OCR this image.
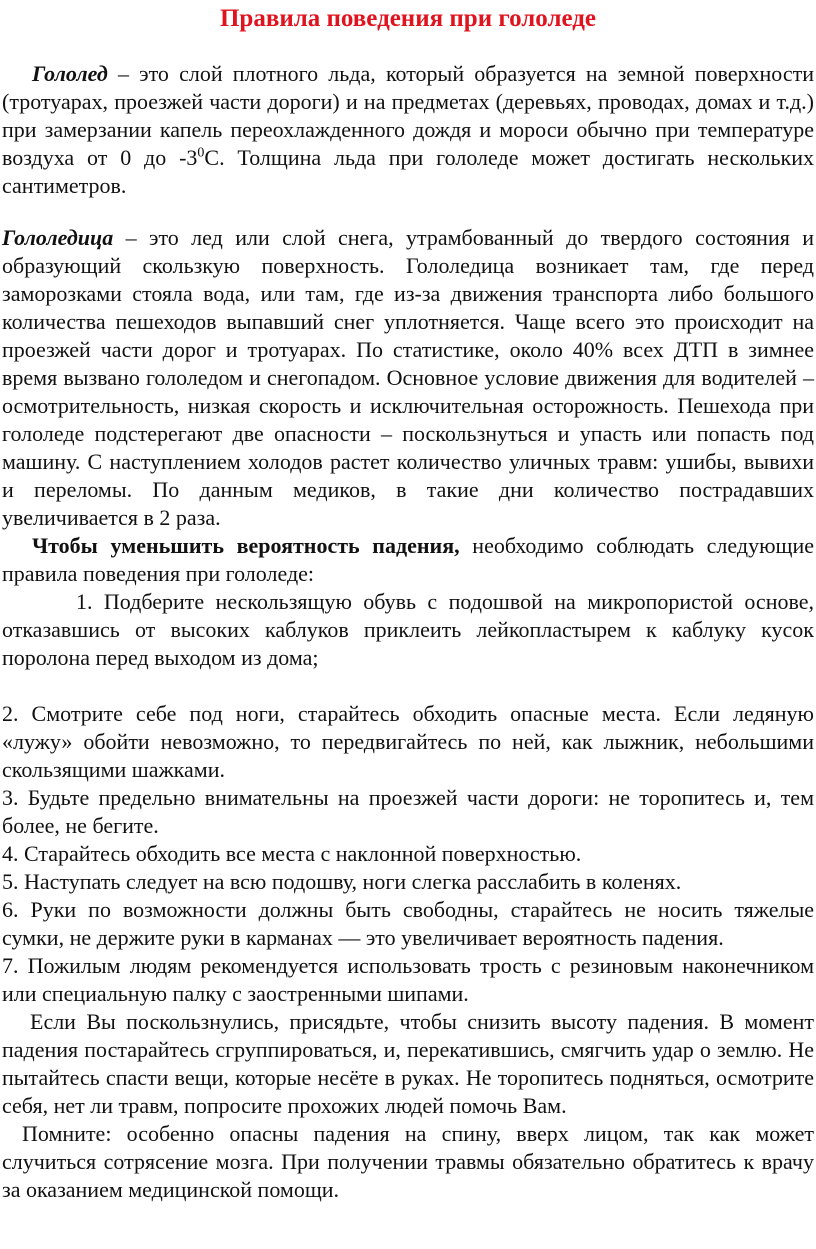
Правила поведения при гололеде

Гололед – это слой плотного льда, который образуется на земной поверхности (тротуарах, проезжей части дороги) и на предметах (деревьях, проводах, домах и т.д.) при замерзании капель переохлажденного дождя и мороси обычно при температуре воздуха от 0 до $-3^0С$. Толщина льда при гололеде может достигать нескольких сантиметров.

Гололедица – это лед или слой снега, утрамбованный до твердого состояния и образующий скользкую поверхность. Гололедица возникает там, где перед заморозками стояла вода, или там, где из-за движения транспорта либо большого количества пешеходов выпавший снег уплотняется. Чаще всего это происходит на проезжей части дорог и тротуарах. По статистике, около 40% всех ДТП в зимнее время вызвано гололедом и снегопадом. Основное условие движения для водителей – осмотрительность, низкая скорость и исключительная осторожность. Пешехода при гололеде подстерегают две опасности – поскользнуться и упасть или попасть под машину. С наступлением холодов растет количество уличных травм: ушибы, вывихи и переломы. По данным медиков, в такие дни количество пострадавших увеличивается в 2 раза.

Чтобы уменьшить вероятность падения, необходимо соблюдать следующие правила поведения при гололеде:

1. Подберите нескользящую обувь с подошвой на микропористой основе, отказавшись от высоких каблуков приклеить лейкопластырем к каблуку кусок поролона перед выходом из дома;

2. Смотрите себе под ноги, старайтесь обходить опасные места. Если ледяную «лужу» обойти невозможно, то передвигайтесь по ней, как лыжник, небольшими скользящими шажками.

3. Будьте предельно внимательны на проезжей части дороги: не торопитесь и, тем более, не бегите.

4. Старайтесь обходить все места с наклонной поверхностью.

5. Наступать следует на всю подошву, ноги слегка расслабить в коленях.

6. Руки по возможности должны быть свободны, старайтесь не носить тяжелые сумки, не держите руки в карманах — это увеличивает вероятность падения.

7. Пожилым людям рекомендуется использовать трость с резиновым наконечником или специальную палку с заостренными шипами.

Если Вы поскользнулись, присядьте, чтобы снизить высоту падения. В момент падения постарайтесь сгруппироваться, и, перекатившись, смягчить удар о землю. Не пытайтесь спасти вещи, которые несёте в руках. Не торопитесь подняться, осмотрите себя, нет ли травм, попросите прохожих людей помочь Вам.

Помните: особенно опасны падения на спину, вверх лицом, так как может случиться сотрясение мозга. При получении травмы обязательно обратитесь к врачу за оказанием медицинской помощи.
